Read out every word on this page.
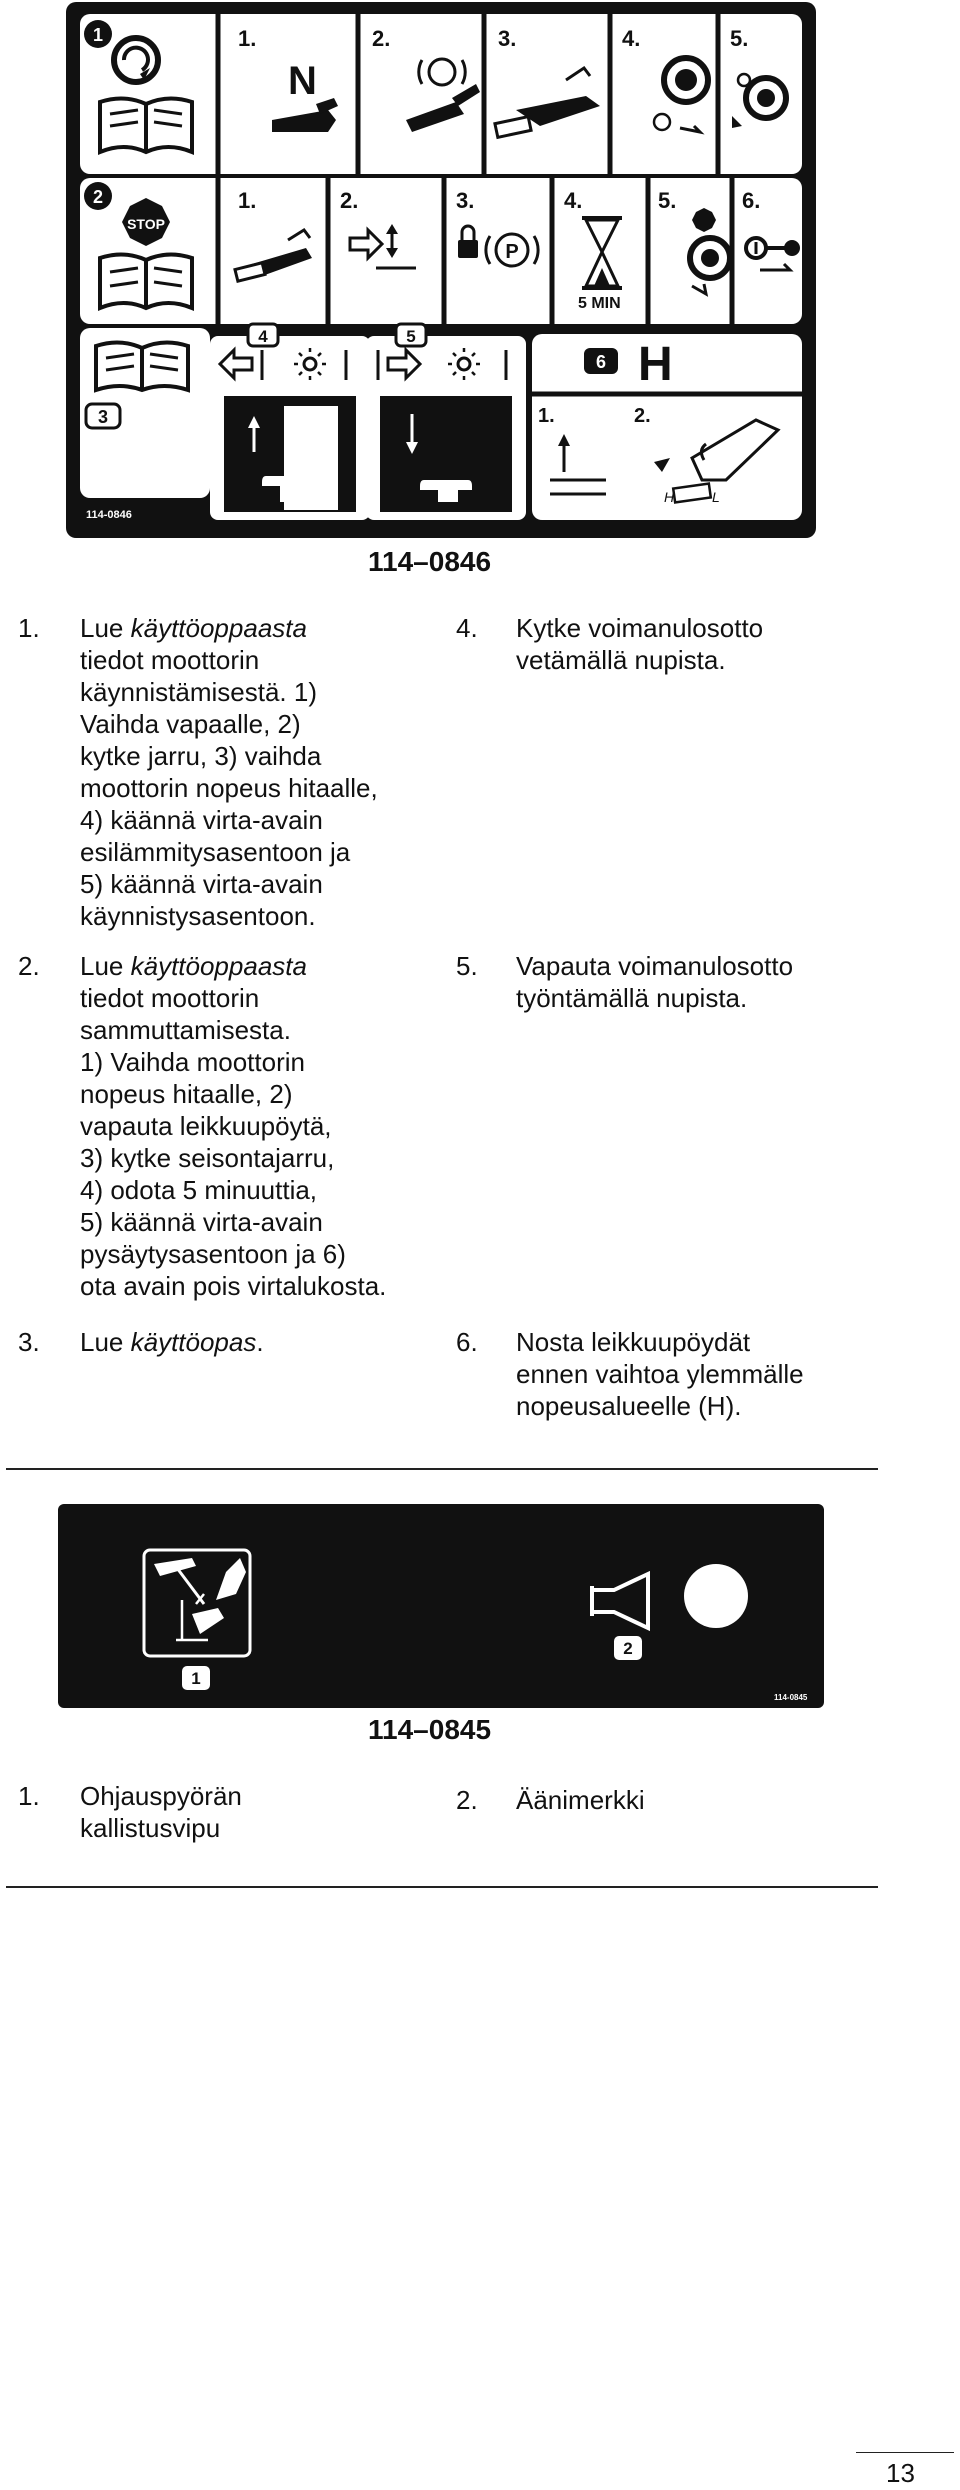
1	1.
N
2.	3.	4.	5.
2
STOP
1.	2.	3.
P
4.
5 MIN
5.	6.
3
114-0846
4	5
6 H
1.	2.
H	L
114–0846
1. Lue käyttöoppaasta
tiedot moottorin
käynnistämisestä. 1)
Vaihda vapaalle, 2)
kytke jarru, 3) vaihda
moottorin nopeus hitaalle,
4) käännä virta-avain
esilämmitysasentoon ja
5) käännä virta-avain
käynnistysasentoon.
2. Lue käyttöoppaasta
tiedot moottorin
sammuttamisesta.
1) Vaihda moottorin
nopeus hitaalle, 2)
vapauta leikkuupöytä,
3) kytke seisontajarru,
4) odota 5 minuuttia,
5) käännä virta-avain
pysäytysasentoon ja 6)
ota avain pois virtalukosta.
3. Lue käyttöopas.
4. Kytke voimanulosotto
vetämällä nupista.
5. Vapauta voimanulosotto
työntämällä nupista.
6. Nosta leikkuupöydät
ennen vaihtoa ylemmälle
nopeusalueelle (H).
1
2
114-0845
114–0845
1. Ohjauspyörän
kallistusvipu
2. Äänimerkki
13
